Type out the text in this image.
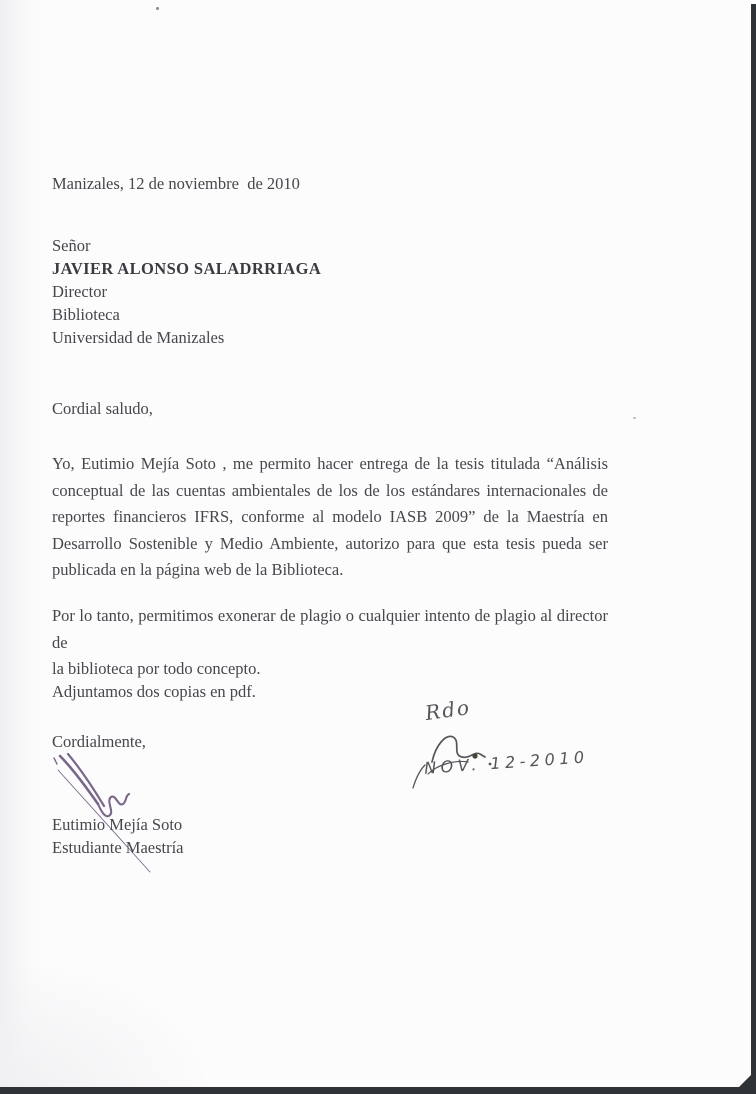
Manizales, 12 de noviembre  de 2010
Señor
JAVIER ALONSO SALADRRIAGA
Director
Biblioteca
Universidad de Manizales
Cordial saludo,
Yo, Eutimio Mejía Soto , me permito hacer entrega de la tesis titulada “Análisis
conceptual de las cuentas ambientales de los de los estándares internacionales de
reportes financieros IFRS, conforme al modelo IASB 2009” de la Maestría en
Desarrollo Sostenible y Medio Ambiente, autorizo para que esta tesis pueda ser
publicada en la página web de la Biblioteca.
Por lo tanto, permitimos exonerar de plagio o cualquier intento de plagio al director de
la biblioteca por todo concepto.
Adjuntamos dos copias en pdf.
Cordialmente,
Rdo
NOV. 12-2010
Eutimio Mejía Soto
Estudiante Maestría
